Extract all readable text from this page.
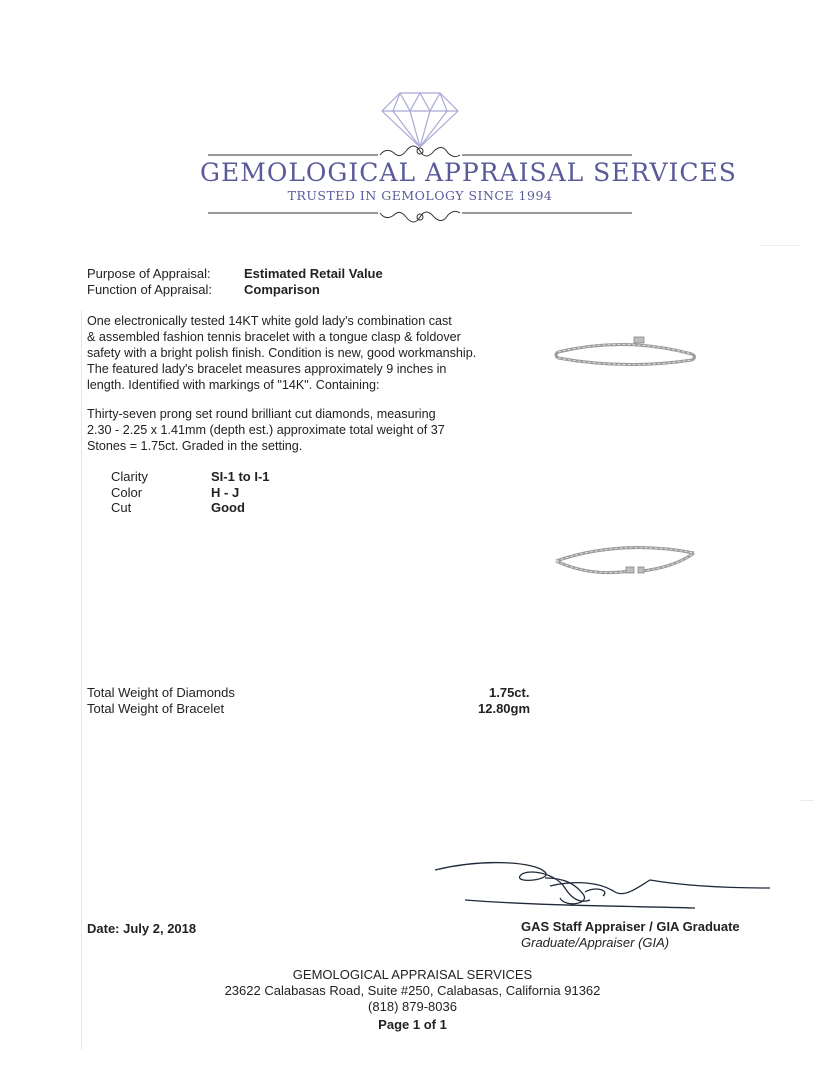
GEMOLOGICAL APPRAISAL SERVICES
TRUSTED IN GEMOLOGY SINCE 1994
Purpose of Appraisal:	Estimated Retail Value
Function of Appraisal: Comparison
One electronically tested 14KT white gold lady's combination cast
& assembled fashion tennis bracelet with a tongue clasp & foldover
safety with a bright polish finish. Condition is new, good workmanship.
The featured lady's bracelet measures approximately 9 inches in
length. Identified with markings of "14K". Containing:
Thirty-seven prong set round brilliant cut diamonds, measuring
2.30 - 2.25 x 1.41mm (depth est.) approximate total weight of 37
Stones = 1.75ct. Graded in the setting.
Clarity	SI-1 to I-1
Color	H - J
Cut	Good
Total Weight of Diamonds	1.75ct.
Total Weight of Bracelet	12.80gm
Date: July 2, 2018	GAS Staff Appraiser / GIA Graduate
Graduate/Appraiser (GIA)
GEMOLOGICAL APPRAISAL SERVICES
23622 Calabasas Road, Suite #250, Calabasas, California 91362
(818) 879-8036
Page 1 of 1
